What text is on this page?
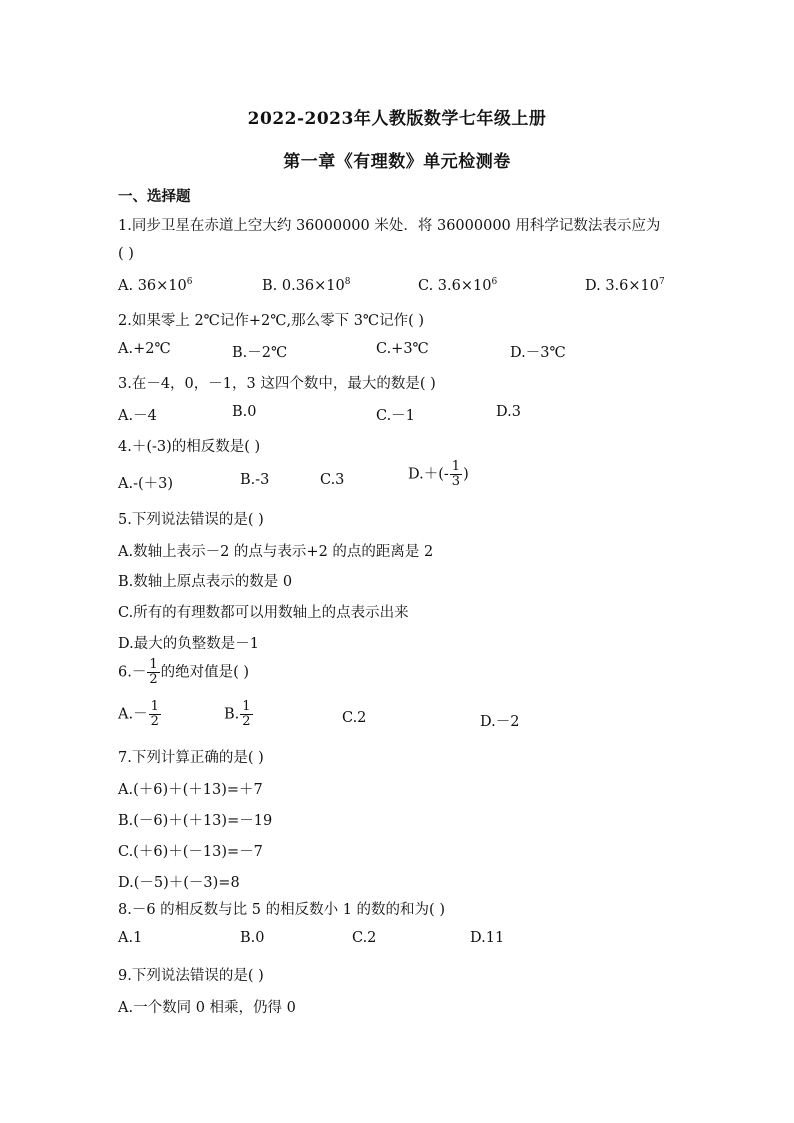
2022-2023年人教版数学七年级上册
第一章《有理数》单元检测卷
一、选择题
1.同步卫星在赤道上空大约 36000000 米处．将 36000000 用科学记数法表示应为
( )
A. $36\times 10^6$	B. $0.36\times 10^8$	C. $3.6\times 10^6$	D. $3.6\times 10^7$
2.如果零上 2℃记作+2℃,那么零下 3℃记作( )
A.+2℃	B.－2℃	C.+3℃	D.－3℃
3.在－4，0，－1，3 这四个数中，最大的数是( )
A.－4	B.0	C.－1	D.3
4.＋(-3)的相反数是( )
A.-(＋3)	B.-3	C.3	$D.+(- \frac{1}{3}$ )
5.下列说法错误的是( )
A.数轴上表示－2 的点与表示+2 的点的距离是 2
B.数轴上原点表示的数是 0
C.所有的有理数都可以用数轴上的点表示出来
D.最大的负整数是－1
$6.- \frac{1}{2}$ 的绝对值是( )
$A.- \frac{1}{2}$	B. $\frac{1}{2}$	C.2	D.－2
7.下列计算正确的是( )
A.(＋6)＋(＋13)=＋7
B.(－6)＋(＋13)=－19
C.(＋6)＋(－13)=－7
D.(－5)＋(－3)=8
8.－6 的相反数与比 5 的相反数小 1 的数的和为( )
A.1	B.0	C.2	D.11
9.下列说法错误的是( )
A.一个数同 0 相乘，仍得 0
